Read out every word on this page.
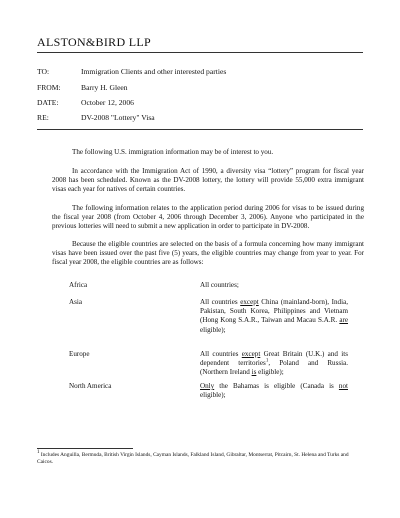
ALSTON&BIRD LLP
TO:	Immigration Clients and other interested parties
FROM:	Barry H. Gleen
DATE:	October 12, 2006
RE:	DV-2008 "Lottery" Visa

The following U.S. immigration information may be of interest to you.

In accordance with the Immigration Act of 1990, a diversity visa “lottery” program for fiscal year 2008 has been scheduled. Known as the DV-2008 lottery, the lottery will provide 55,000 extra immigrant visas each year for natives of certain countries.

The following information relates to the application period during 2006 for visas to be issued during the fiscal year 2008 (from October 4, 2006 through December 3, 2006). Anyone who participated in the previous lotteries will need to submit a new application in order to participate in DV-2008.

Because the eligible countries are selected on the basis of a formula concerning how many immigrant visas have been issued over the past five (5) years, the eligible countries may change from year to year. For fiscal year 2008, the eligible countries are as follows:

Africa	All countries;

Asia	All countries except China (mainland-born), India, Pakistan, South Korea, Philippines and Vietnam (Hong Kong S.A.R., Taiwan and Macau S.A.R. are eligible);

Europe	All countries except Great Britain (U.K.) and its dependent territories$^1$, Poland and Russia. (Northern Ireland is eligible);

North America	Only the Bahamas is eligible (Canada is not eligible);

$^1$ Includes Anguilla, Bermuda, British Virgin Islands, Cayman Islands, Falkland Island, Gibraltar, Montserrat, Pitcairn, St. Helena and Turks and Caicos.
